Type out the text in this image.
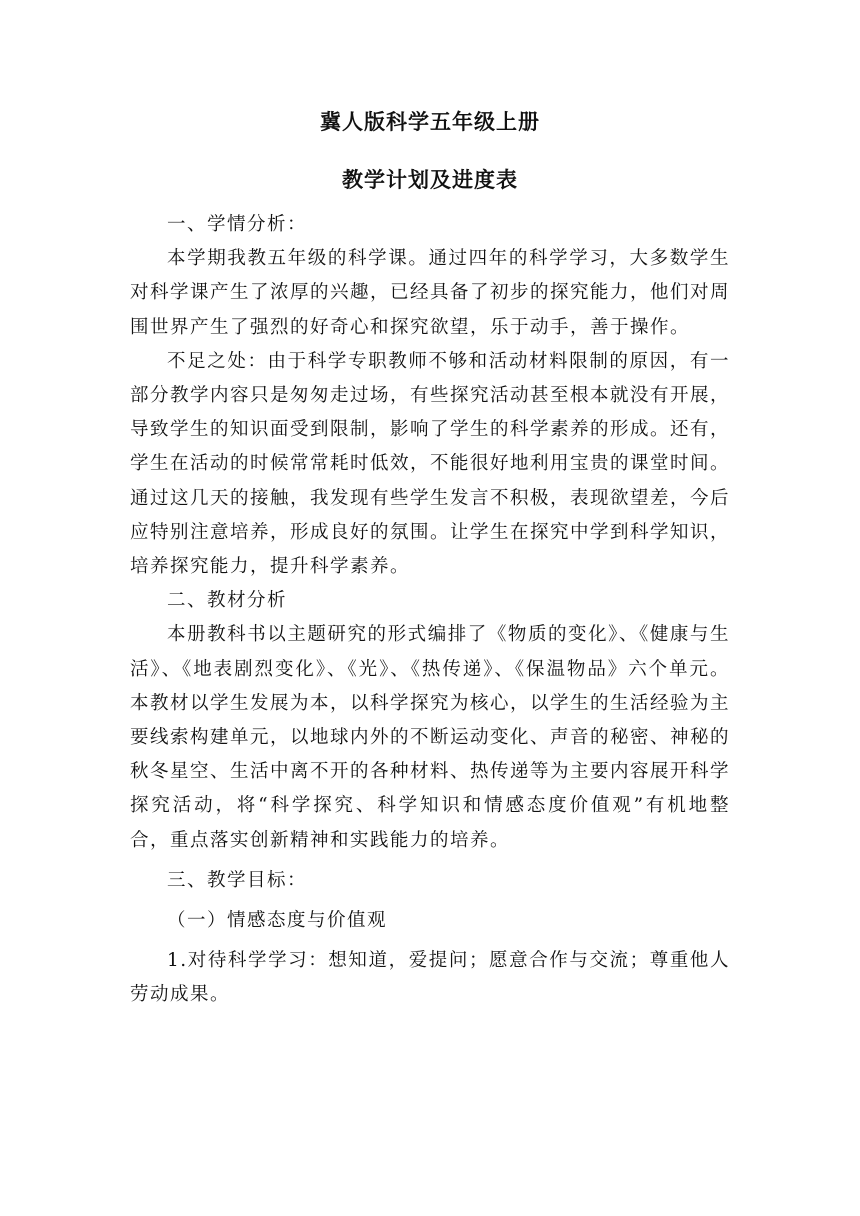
冀人版科学五年级上册
教学计划及进度表

一、学情分析：

本学期我教五年级的科学课。通过四年的科学学习，大多数学生对科学课产生了浓厚的兴趣，已经具备了初步的探究能力，他们对周围世界产生了强烈的好奇心和探究欲望，乐于动手，善于操作。

不足之处：由于科学专职教师不够和活动材料限制的原因，有一部分教学内容只是匆匆走过场，有些探究活动甚至根本就没有开展，导致学生的知识面受到限制，影响了学生的科学素养的形成。还有，学生在活动的时候常常耗时低效，不能很好地利用宝贵的课堂时间。通过这几天的接触，我发现有些学生发言不积极，表现欲望差，今后应特别注意培养，形成良好的氛围。让学生在探究中学到科学知识，培养探究能力，提升科学素养。

二、教材分析

本册教科书以主题研究的形式编排了《物质的变化》、《健康与生活》、《地表剧烈变化》、《光》、《热传递》、《保温物品》六个单元。本教材以学生发展为本，以科学探究为核心，以学生的生活经验为主要线索构建单元，以地球内外的不断运动变化、声音的秘密、神秘的秋冬星空、生活中离不开的各种材料、热传递等为主要内容展开科学探究活动，将“科学探究、科学知识和情感态度价值观”有机地整合，重点落实创新精神和实践能力的培养。

三、教学目标：

（一）情感态度与价值观

1.对待科学学习：想知道，爱提问；愿意合作与交流；尊重他人劳动成果。
